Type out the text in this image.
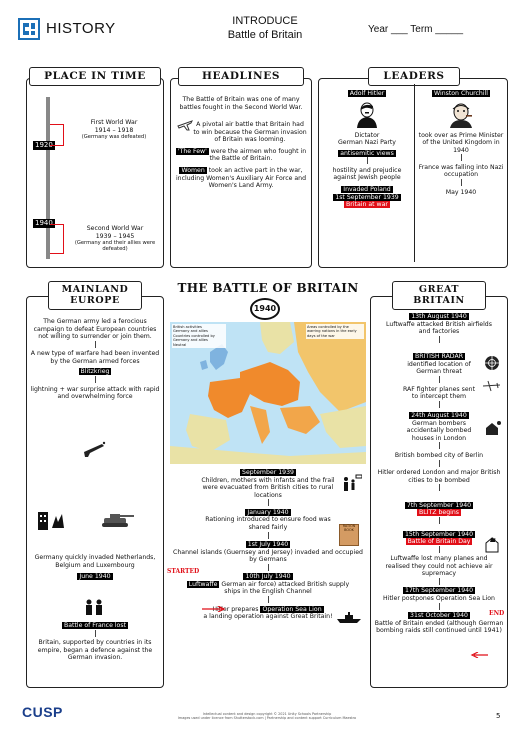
HISTORY	INTRODUCE
Battle of Britain	Year ___ Term _____
PLACE IN TIME
1920
1940
First World War
1914 – 1918
(Germany was defeated)
Second World War
1939 – 1945
(Germany and their allies were defeated)
HEADLINES
The Battle of Britain was one of many battles fought in the Second World War.
A pivotal air battle that Britain had to win because the German invasion of Britain was looming.
'The Few' were the airmen who fought in the Battle of Britain.
Women took an active part in the war, including Women's Auxiliary Air Force and Women's Land Army.
LEADERS
Adolf Hitler
Dictator
German Nazi Party
antisemitic views
hostility and prejudice against Jewish people
Invaded Poland
1st September 1939
Britain at war
Winston Churchill
took over as Prime Minister of the United Kingdom in 1940
France was falling into Nazi occupation
May 1940
MAINLAND
EUROPE
The German army led a ferocious campaign to defeat European countries not willing to surrender or join them.
A new type of warfare had been invented by the German armed forces
Blitzkrieg
lightning + war surprise attack with rapid and overwhelming force
Germany quickly invaded Netherlands, Belgium and Luxembourg
June 1940
Battle of France lost
Britain, supported by countries in its empire, began a defence against the German invasion.
THE BATTLE OF BRITAIN
1940
British activities
Germany and allies
Countries controlled by Germany and allies
Neutral
Areas controlled by the warring nations in the early days of the war
September 1939
Children, mothers with infants and the frail were evacuated from British cities to rural locations
January 1940
Rationing introduced to ensure food was shared fairly
1st July 1940
Channel islands (Guernsey and Jersey) invaded and occupied by Germans
STARTED
10th July 1940
Luftwaffe German air force) attacked British supply ships in the English Channel
Hitler prepares Operation Sea Lion
a landing operation against Great Britain!
RATION BOOK
GREAT
BRITAIN
13th August 1940
Luftwaffe attacked British airfields and factories
BRITISH RADAR
identified location of German threat
RAF fighter planes sent to intercept them
24th August 1940
German bombers accidentally bombed houses in London
British bombed city of Berlin
Hitler ordered London and major British cities to be bombed
7th September 1940
BLITZ begins
15th September 1940
Battle of Britain Day
Luftwaffe lost many planes and realised they could not achieve air supremacy
17th September 1940
Hitler postpones Operation Sea Lion
31st October 1940	END
Battle of Britain ended (although German bombing raids still continued until 1941)
CUSP	Intellectual content and design copyright © 2021 Unity Schools Partnership
Images used under licence from Shutterstock.com | Partnership and content support Curriculum Maestro	5
